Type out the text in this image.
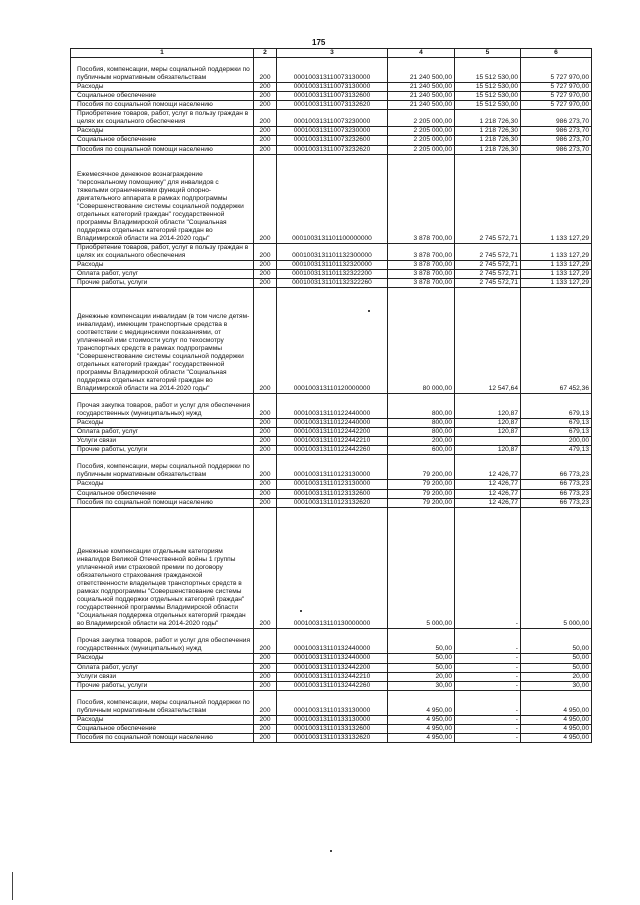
175
1	2	3	4	5	6
Пособия, компенсации, меры социальной поддержки по публичным нормативным обязательствам	200	000100313110073130000	21 240 500,00	15 512 530,00	5 727 970,00
Расходы	200	000100313110073130000	21 240 500,00	15 512 530,00	5 727 970,00
Социальное обеспечение	200	000100313110073132600	21 240 500,00	15 512 530,00	5 727 970,00
Пособия по социальной помощи населению	200	000100313110073132620	21 240 500,00	15 512 530,00	5 727 970,00
Приобретение товаров, работ, услуг в пользу граждан в целях их социального обеспечения	200	000100313110073230000	2 205 000,00	1 218 726,30	986 273,70
Расходы	200	000100313110073230000	2 205 000,00	1 218 726,30	986 273,70
Социальное обеспечение	200	000100313110073232600	2 205 000,00	1 218 726,30	986 273,70
Пособия по социальной помощи населению	200	000100313110073232620	2 205 000,00	1 218 726,30	986 273,70
Ежемесячное денежное вознаграждение "персональному помощнику" для инвалидов с тяжелыми ограничениями функций опорно-двигательного аппарата в рамках подпрограммы "Совершенствование системы социальной поддержки отдельных категорий граждан" государственной программы Владимирской области "Социальная поддержка отдельных категорий граждан во Владимирской области на 2014-2020 годы"	200	0001003131101100000000	3 878 700,00	2 745 572,71	1 133 127,29
Приобретение товаров, работ, услуг в пользу граждан в целях их социального обеспечения	200	0001003131101132300000	3 878 700,00	2 745 572,71	1 133 127,29
Расходы	200	0001003131101132320000	3 878 700,00	2 745 572,71	1 133 127,29
Оплата работ, услуг	200	0001003131101132322200	3 878 700,00	2 745 572,71	1 133 127,29
Прочие работы, услуги	200	0001003131101132322260	3 878 700,00	2 745 572,71	1 133 127,29
Денежные компенсации инвалидам (в том числе детям-инвалидам), имеющим транспортные средства в соответствии с медицинскими показаниями, от уплаченной ими стоимости услуг по техосмотру транспортных средств в рамках подпрограммы "Совершенствование системы социальной поддержки отдельных категорий граждан" государственной программы Владимирской области "Социальная поддержка отдельных категорий граждан во Владимирской области на 2014-2020 годы"	200	000100313110120000000	80 000,00	12 547,64	67 452,36
Прочая закупка товаров, работ и услуг для обеспечения государственных (муниципальных) нужд	200	000100313110122440000	800,00	120,87	679,13
Расходы	200	000100313110122440000	800,00	120,87	679,13
Оплата работ, услуг	200	000100313110122442200	800,00	120,87	679,13
Услуги связи	200	000100313110122442210	200,00		200,00
Прочие работы, услуги	200	000100313110122442260	600,00	120,87	479,13
Пособия, компенсации, меры социальной поддержки по публичным нормативным обязательствам	200	000100313110123130000	79 200,00	12 426,77	66 773,23
Расходы	200	000100313110123130000	79 200,00	12 426,77	66 773,23
Социальное обеспечение	200	000100313110123132600	79 200,00	12 426,77	66 773,23
Пособия по социальной помощи населению	200	000100313110123132620	79 200,00	12 426,77	66 773,23
Денежные компенсации отдельным категориям инвалидов Великой Отечественной войны 1 группы уплаченной ими страховой премии по договору обязательного страхования гражданской ответственности владельцев транспортных средств в рамках подпрограммы "Совершенствование системы социальной поддержки отдельных категорий граждан" государственной программы Владимирской области "Социальная поддержка отдельных категорий граждан во Владимирской области на 2014-2020 годы"	200	000100313110130000000	5 000,00	-	5 000,00
Прочая закупка товаров, работ и услуг для обеспечения государственных (муниципальных) нужд	200	000100313110132440000	50,00	-	50,00
Расходы	200	000100313110132440000	50,00	-	50,00
Оплата работ, услуг	200	000100313110132442200	50,00	-	50,00
Услуги связи	200	000100313110132442210	20,00	-	20,00
Прочие работы, услуги	200	000100313110132442260	30,00	-	30,00
Пособия, компенсации, меры социальной поддержки по публичным нормативным обязательствам	200	000100313110133130000	4 950,00	-	4 950,00
Расходы	200	000100313110133130000	4 950,00	-	4 950,00
Социальное обеспечение	200	000100313110133132600	4 950,00	-	4 950,00
Пособия по социальной помощи населению	200	000100313110133132620	4 950,00	-	4 950,00
